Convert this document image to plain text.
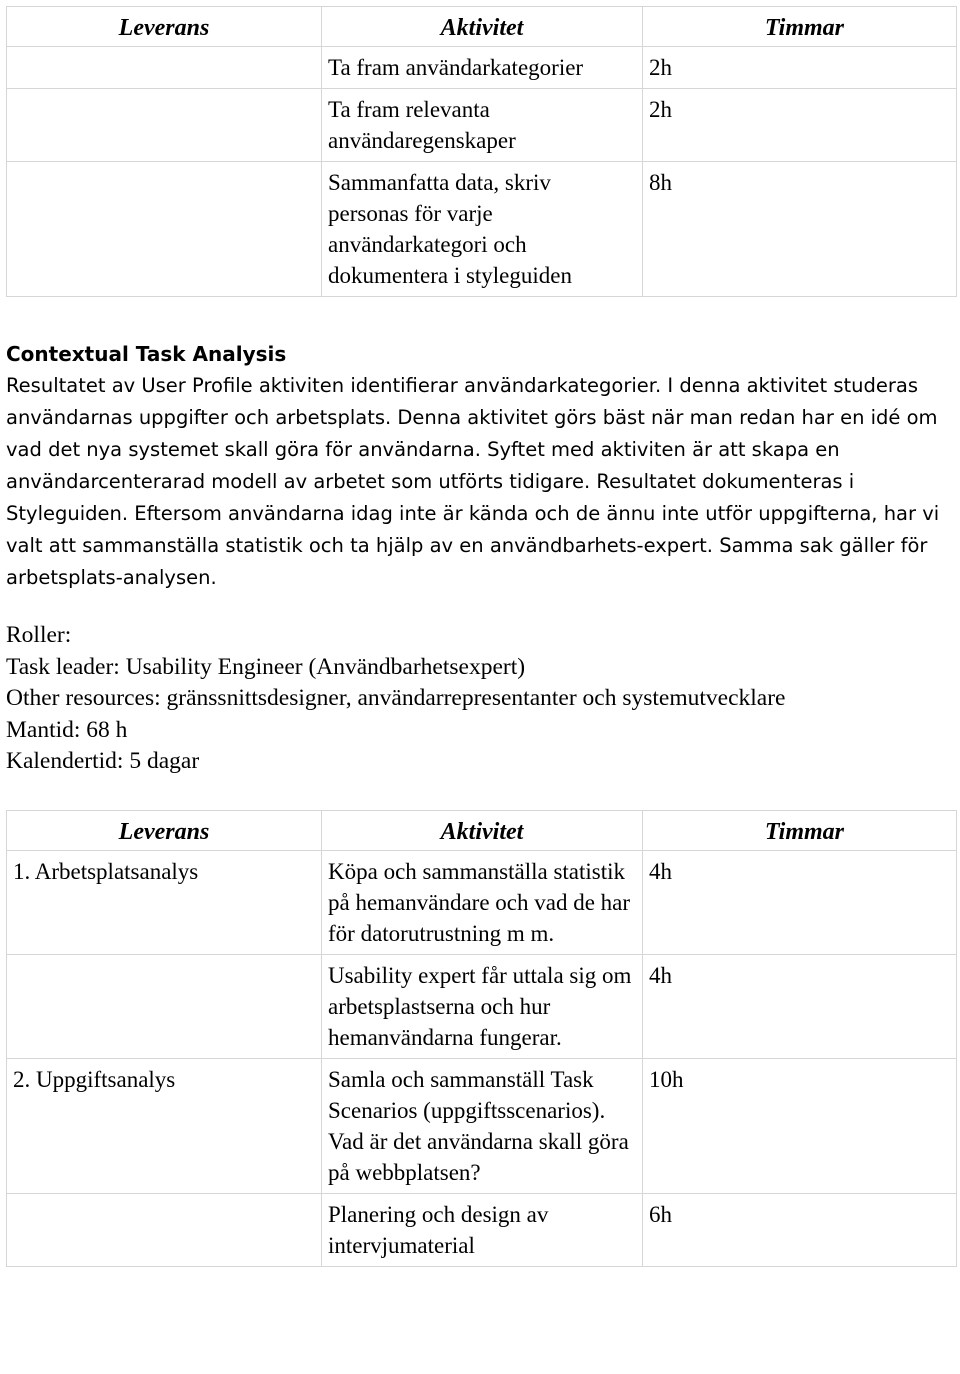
Leverans	Aktivitet	Timmar
	Ta fram användarkategorier	2h
	Ta fram relevanta användaregenskaper	2h
	Sammanfatta data, skriv personas för varje användarkategori och dokumentera i styleguiden	8h
Contextual Task Analysis

Resultatet av User Profile aktiviten identifierar användarkategorier. I denna aktivitet studeras användarnas uppgifter och arbetsplats. Denna aktivitet görs bäst när man redan har en idé om vad det nya systemet skall göra för användarna. Syftet med aktiviten är att skapa en användarcenterarad modell av arbetet som utförts tidigare. Resultatet dokumenteras i Styleguiden. Eftersom användarna idag inte är kända och de ännu inte utför uppgifterna, har vi valt att sammanställa statistik och ta hjälp av en användbarhets-expert. Samma sak gäller för arbetsplats-analysen.

Roller:
Task leader: Usability Engineer (Användbarhetsexpert)
Other resources: gränssnittsdesigner, användarrepresentanter och systemutvecklare
Mantid: 68 h
Kalendertid: 5 dagar
Leverans	Aktivitet	Timmar
1. Arbetsplatsanalys	Köpa och sammanställa statistik på hemanvändare och vad de har för datorutrustning m m.	4h
	Usability expert får uttala sig om arbetsplastserna och hur hemanvändarna fungerar.	4h
2. Uppgiftsanalys	Samla och sammanställ Task Scenarios (uppgiftsscenarios). Vad är det användarna skall göra på webbplatsen?	10h
	Planering och design av intervjumaterial	6h
